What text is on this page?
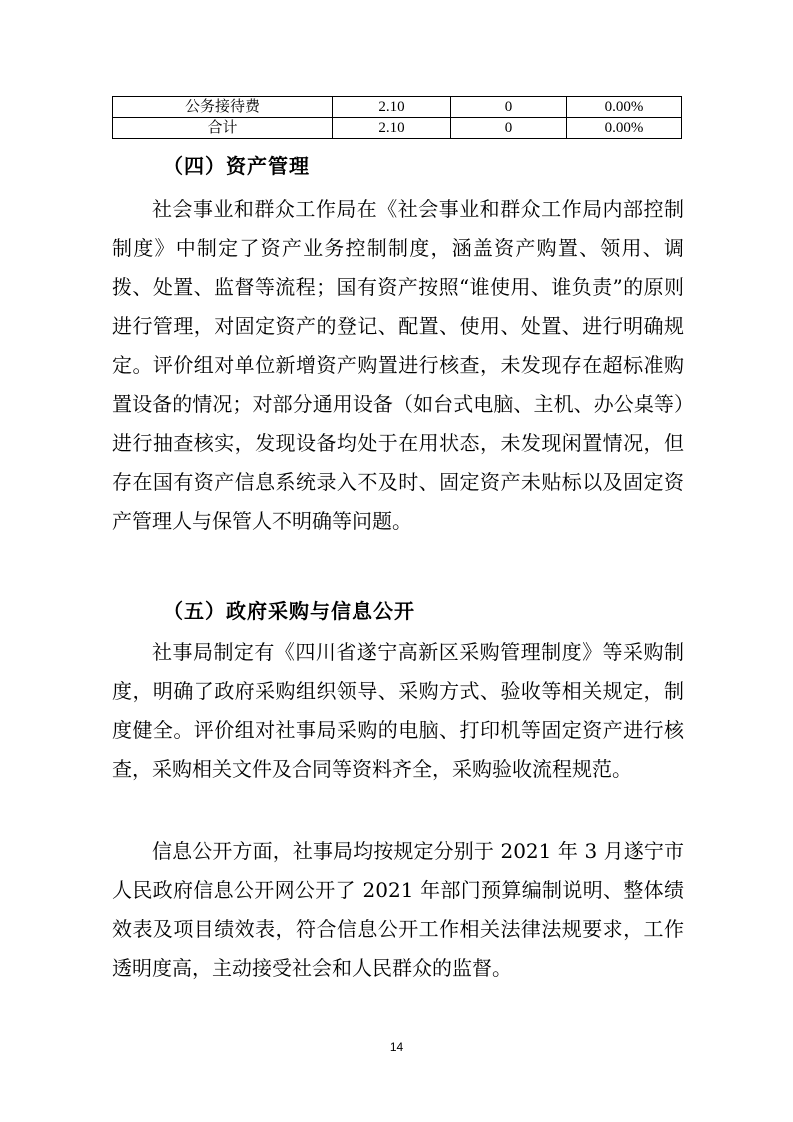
公务接待费	2.10	0	0.00%
合计	2.10	0	0.00%
（四）资产管理

社会事业和群众工作局在《社会事业和群众工作局内部控制制度》中制定了资产业务控制制度，涵盖资产购置、领用、调拨、处置、监督等流程；国有资产按照“谁使用、谁负责”的原则进行管理，对固定资产的登记、配置、使用、处置、进行明确规定。评价组对单位新增资产购置进行核查，未发现存在超标准购置设备的情况；对部分通用设备（如台式电脑、主机、办公桌等）进行抽查核实，发现设备均处于在用状态，未发现闲置情况，但存在国有资产信息系统录入不及时、固定资产未贴标以及固定资产管理人与保管人不明确等问题。

（五）政府采购与信息公开

社事局制定有《四川省遂宁高新区采购管理制度》等采购制度，明确了政府采购组织领导、采购方式、验收等相关规定，制度健全。评价组对社事局采购的电脑、打印机等固定资产进行核查，采购相关文件及合同等资料齐全，采购验收流程规范。

信息公开方面，社事局均按规定分别于 2021 年 3 月遂宁市人民政府信息公开网公开了 2021 年部门预算编制说明、整体绩效表及项目绩效表，符合信息公开工作相关法律法规要求，工作透明度高，主动接受社会和人民群众的监督。

14
